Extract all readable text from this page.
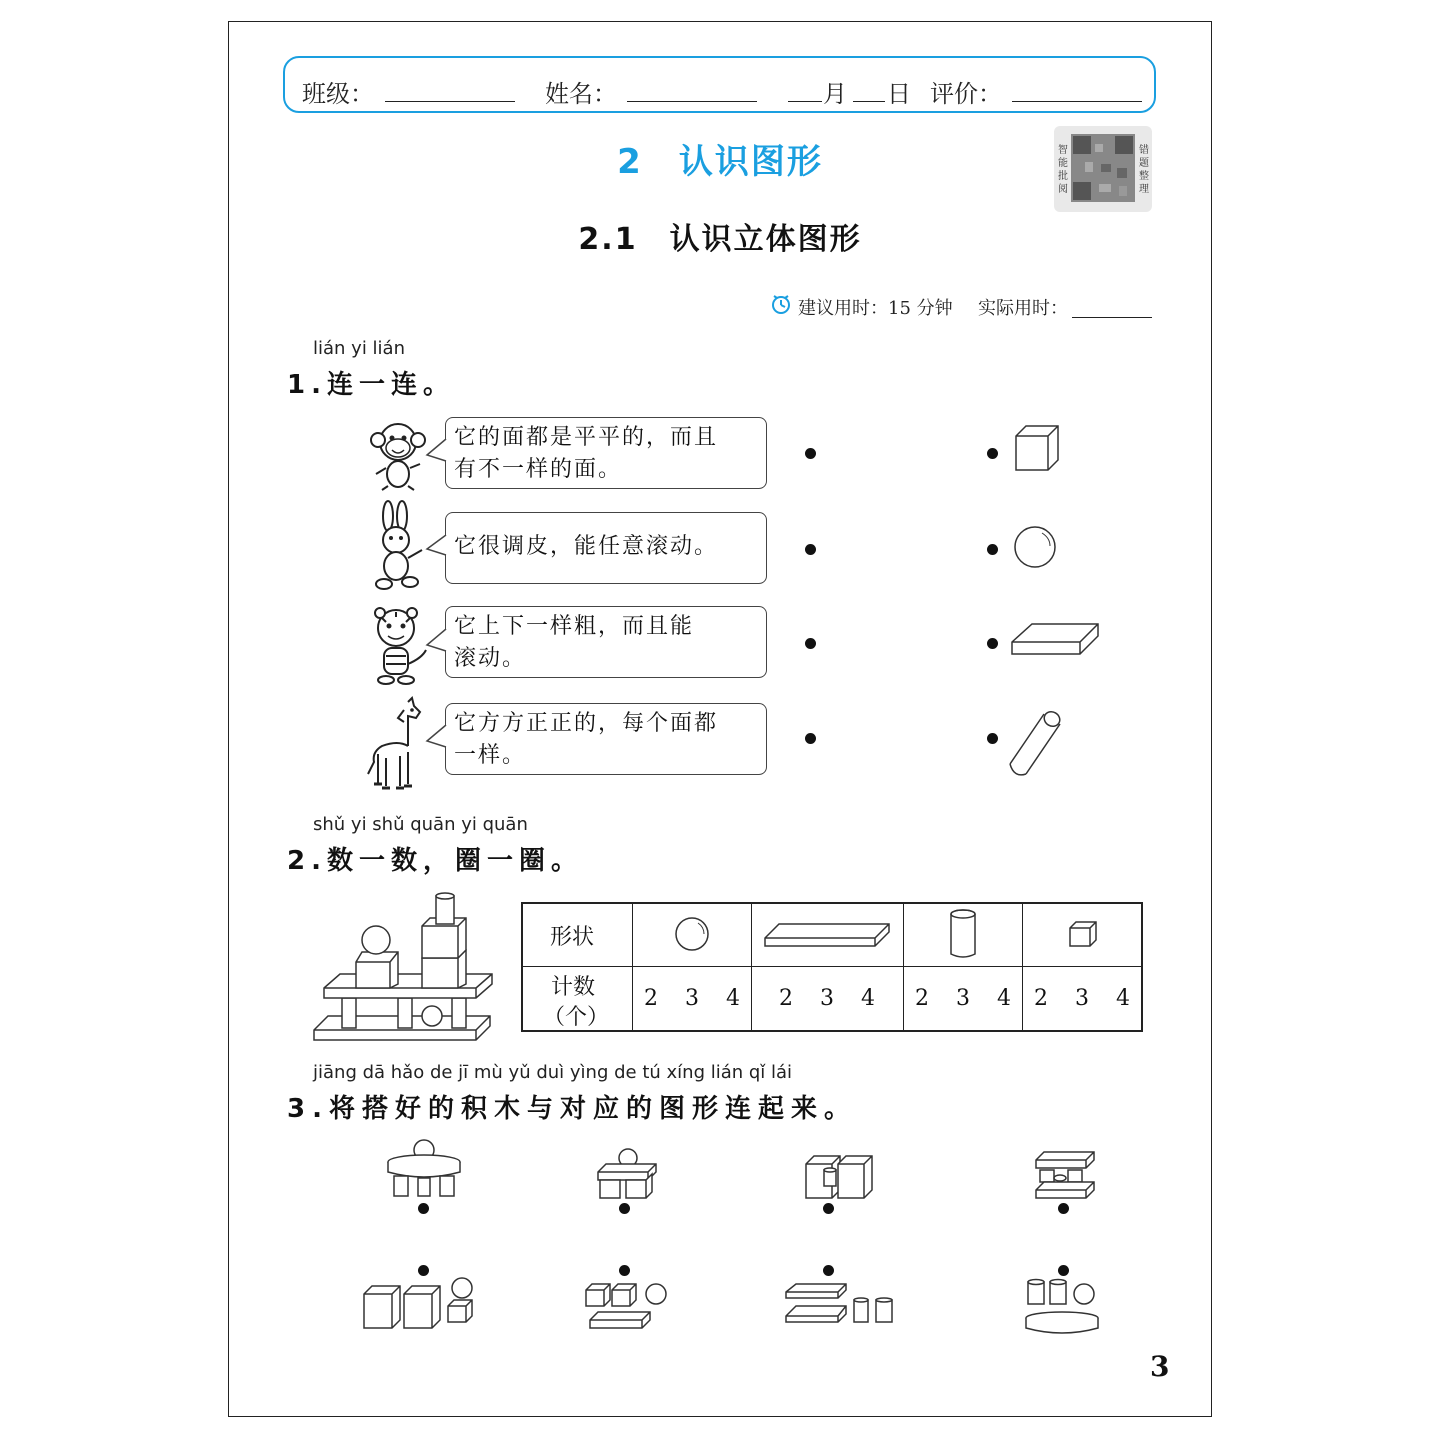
班级：	姓名：	月 日 评价：
2　认识图形
2.1　认识立体图形
智能批阅
错题整理
建议用时：15 分钟 实际用时：
lián yi lián
1.连一连。
它的面都是平平的，而且
有不一样的面。
它很调皮，能任意滚动。
它上下一样粗，而且能
滚动。
它方方正正的，每个面都
一样。
shǔ yi shǔ quān yi quān
2.数一数，圈一圈。
形状
计数
（个）
2 3 4 2 3 4 2 3 4 2 3 4
jiāng dā hǎo de jī mù yǔ duì yìng de tú xíng lián qǐ lái
3.将搭好的积木与对应的图形连起来。
3
